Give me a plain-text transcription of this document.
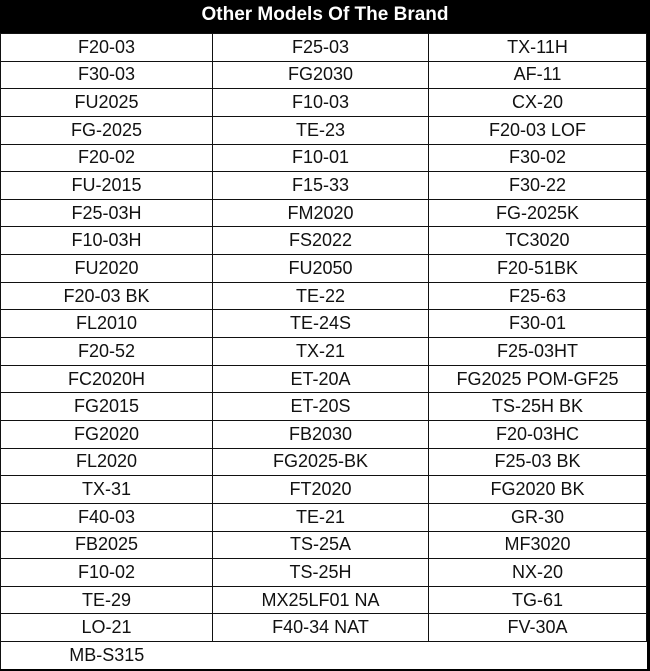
Other Models Of The Brand
F20-03	F25-03	TX-11H
F30-03	FG2030	AF-11
FU2025	F10-03	CX-20
FG-2025	TE-23	F20-03 LOF
F20-02	F10-01	F30-02
FU-2015	F15-33	F30-22
F25-03H	FM2020	FG-2025K
F10-03H	FS2022	TC3020
FU2020	FU2050	F20-51BK
F20-03 BK	TE-22	F25-63
FL2010	TE-24S	F30-01
F20-52	TX-21	F25-03HT
FC2020H	ET-20A	FG2025 POM-GF25
FG2015	ET-20S	TS-25H BK
FG2020	FB2030	F20-03HC
FL2020	FG2025-BK	F25-03 BK
TX-31	FT2020	FG2020 BK
F40-03	TE-21	GR-30
FB2025	TS-25A	MF3020
F10-02	TS-25H	NX-20
TE-29	MX25LF01 NA	TG-61
LO-21	F40-34 NAT	FV-30A
MB-S315		
